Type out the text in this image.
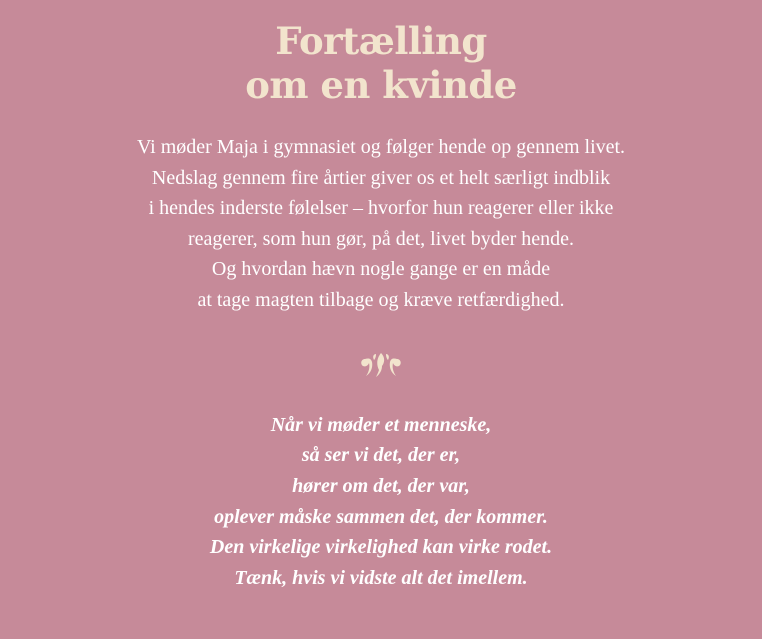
Fortælling
om en kvinde

Vi møder Maja i gymnasiet og følger hende op gennem livet.
Nedslag gennem fire årtier giver os et helt særligt indblik
i hendes inderste følelser – hvorfor hun reagerer eller ikke
reagerer, som hun gør, på det, livet byder hende.
Og hvordan hævn nogle gange er en måde
at tage magten tilbage og kræve retfærdighed.

Når vi møder et menneske,
så ser vi det, der er,
hører om det, der var,
oplever måske sammen det, der kommer.
Den virkelige virkelighed kan virke rodet.
Tænk, hvis vi vidste alt det imellem.
